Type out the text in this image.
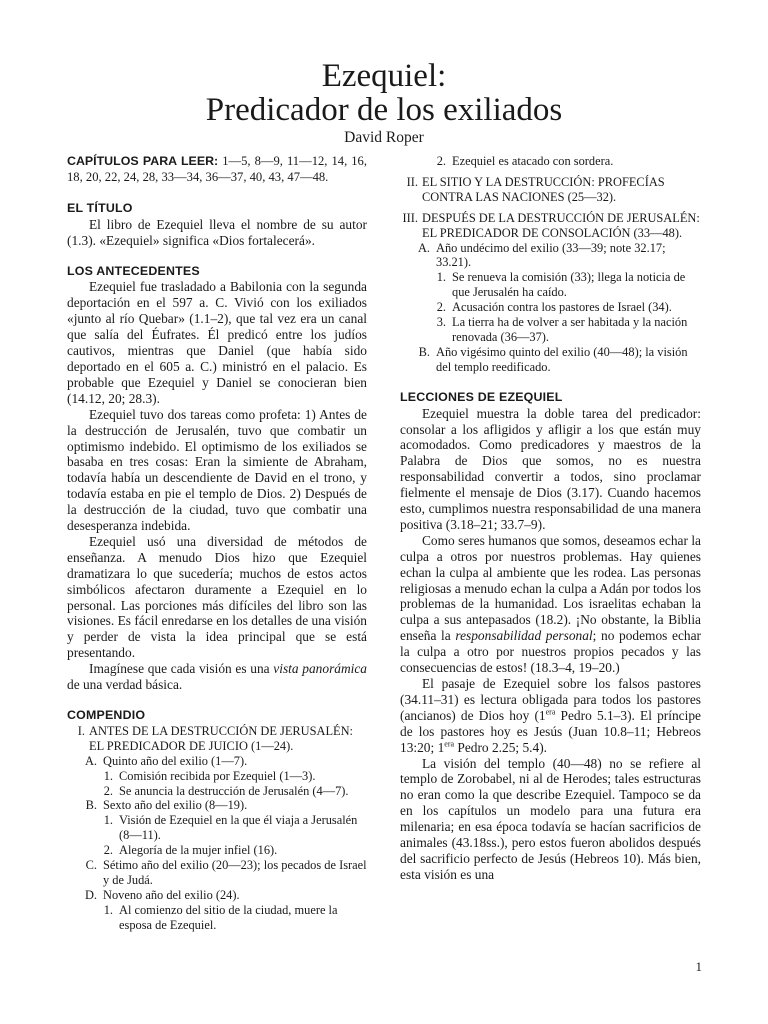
Ezequiel:
Predicador de los exiliados
David Roper

CAPÍTULOS PARA LEER: 1—5, 8—9, 11—12, 14, 16, 18, 20, 22, 24, 28, 33—34, 36—37, 40, 43, 47—48.

EL TÍTULO

El libro de Ezequiel lleva el nombre de su autor (1.3). «Ezequiel» significa «Dios fortalecerá».

LOS ANTECEDENTES

Ezequiel fue trasladado a Babilonia con la segunda deportación en el 597 a. C. Vivió con los exiliados «junto al río Quebar» (1.1–2), que tal vez era un canal que salía del Éufrates. Él predicó entre los judíos cautivos, mientras que Daniel (que había sido deportado en el 605 a. C.) ministró en el palacio. Es probable que Ezequiel y Daniel se conocieran bien (14.12, 20; 28.3).

Ezequiel tuvo dos tareas como profeta: 1) Antes de la destrucción de Jerusalén, tuvo que combatir un optimismo indebido. El optimismo de los exiliados se basaba en tres cosas: Eran la simiente de Abraham, todavía había un descendiente de David en el trono, y todavía estaba en pie el templo de Dios. 2) Después de la destrucción de la ciudad, tuvo que combatir una desesperanza indebida.

Ezequiel usó una diversidad de métodos de enseñanza. A menudo Dios hizo que Ezequiel dramatizara lo que sucedería; muchos de estos actos simbólicos afectaron duramente a Ezequiel en lo personal. Las porciones más difíciles del libro son las visiones. Es fácil enredarse en los detalles de una visión y perder de vista la idea principal que se está presentando.

Imagínese que cada visión es una vista panorámica de una verdad básica.

COMPENDIO
I. ANTES DE LA DESTRUCCIÓN DE JERUSALÉN: EL PREDICADOR DE JUICIO (1—24).
A. Quinto año del exilio (1—7).
1. Comisión recibida por Ezequiel (1—3).
2. Se anuncia la destrucción de Jerusalén (4—7).
B. Sexto año del exilio (8—19).
1. Visión de Ezequiel en la que él viaja a Jerusalén (8—11).
2. Alegoría de la mujer infiel (16).
C. Sétimo año del exilio (20—23); los pecados de Israel y de Judá.
D. Noveno año del exilio (24).
1. Al comienzo del sitio de la ciudad, muere la esposa de Ezequiel.
2. Ezequiel es atacado con sordera.
II. EL SITIO Y LA DESTRUCCIÓN: PROFECÍAS CONTRA LAS NACIONES (25—32).
III. DESPUÉS DE LA DESTRUCCIÓN DE JERUSALÉN: EL PREDICADOR DE CONSOLACIÓN (33—48).
A. Año undécimo del exilio (33—39; note 32.17; 33.21).
1. Se renueva la comisión (33); llega la noticia de que Jerusalén ha caído.
2. Acusación contra los pastores de Israel (34).
3. La tierra ha de volver a ser habitada y la nación renovada (36—37).
B. Año vigésimo quinto del exilio (40—48); la visión del templo reedificado.
LECCIONES DE EZEQUIEL

Ezequiel muestra la doble tarea del predicador: consolar a los afligidos y afligir a los que están muy acomodados. Como predicadores y maestros de la Palabra de Dios que somos, no es nuestra responsabilidad convertir a todos, sino proclamar fielmente el mensaje de Dios (3.17). Cuando hacemos esto, cumplimos nuestra responsabilidad de una manera positiva (3.18–21; 33.7–9).

Como seres humanos que somos, deseamos echar la culpa a otros por nuestros problemas. Hay quienes echan la culpa al ambiente que les rodea. Las personas religiosas a menudo echan la culpa a Adán por todos los problemas de la humanidad. Los israelitas echaban la culpa a sus antepasados (18.2). ¡No obstante, la Biblia enseña la responsabilidad personal; no podemos echar la culpa a otro por nuestros propios pecados y las consecuencias de estos! (18.3–4, 19–20.)

El pasaje de Ezequiel sobre los falsos pastores (34.11–31) es lectura obligada para todos los pastores (ancianos) de Dios hoy ($1^{era}$ Pedro 5.1–3). El príncipe de los pastores hoy es Jesús (Juan 10.8–11; Hebreos 13:20; $1^{era}$ Pedro 2.25; 5.4).

La visión del templo (40—48) no se refiere al templo de Zorobabel, ni al de Herodes; tales estructuras no eran como la que describe Ezequiel. Tampoco se da en los capítulos un modelo para una futura era milenaria; en esa época todavía se hacían sacrificios de animales (43.18ss.), pero estos fueron abolidos después del sacrificio perfecto de Jesús (Hebreos 10). Más bien, esta visión es una

1
